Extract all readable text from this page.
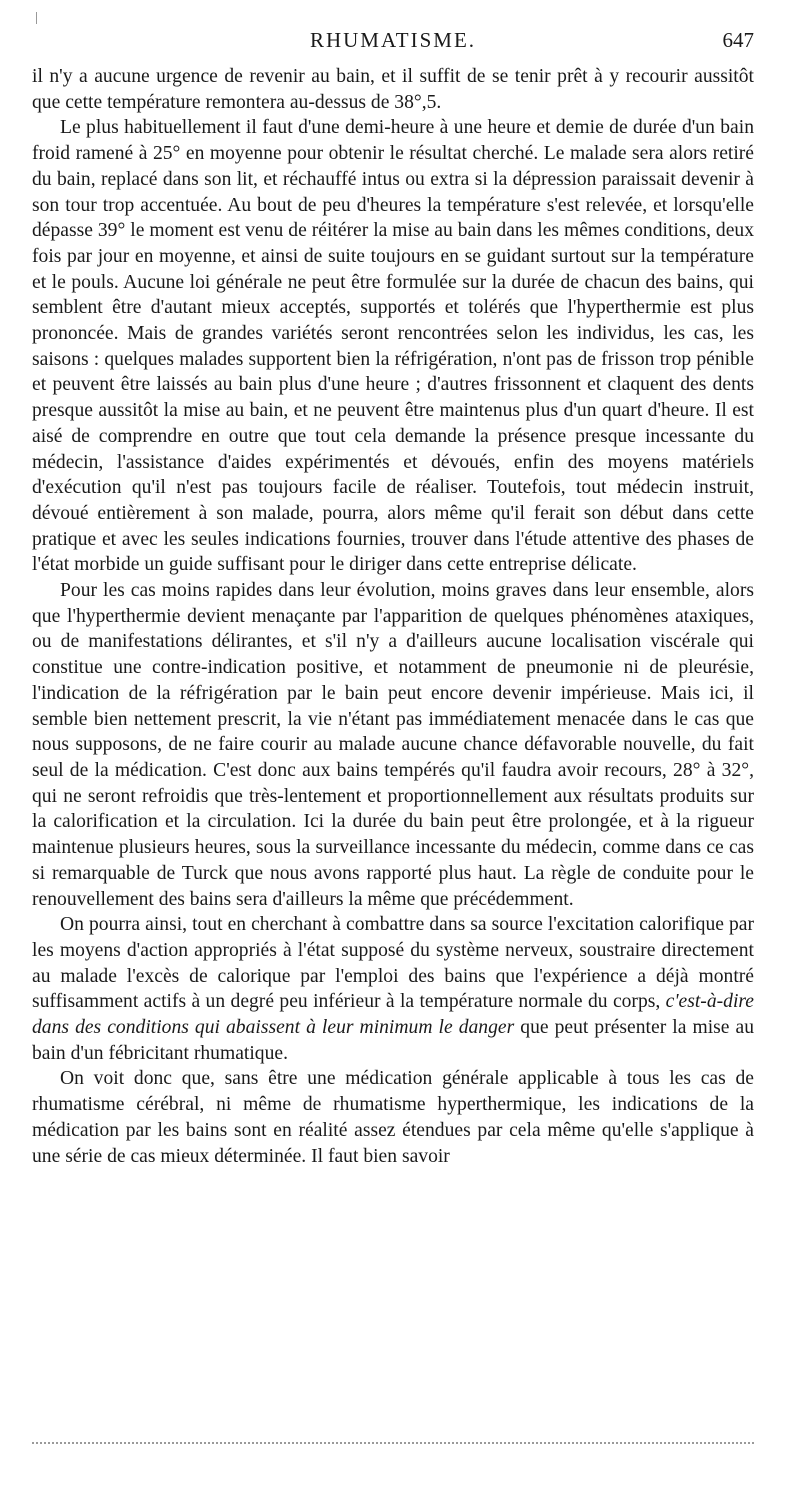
RHUMATISME.	647

il n'y a aucune urgence de revenir au bain, et il suffit de se tenir prêt à y recourir aussitôt que cette température remontera au-dessus de 38°,5.

Le plus habituellement il faut d'une demi-heure à une heure et demie de durée d'un bain froid ramené à 25° en moyenne pour obtenir le résultat cherché. Le malade sera alors retiré du bain, replacé dans son lit, et réchauffé intus ou extra si la dépression paraissait devenir à son tour trop accentuée. Au bout de peu d'heures la température s'est relevée, et lorsqu'elle dépasse 39° le moment est venu de réitérer la mise au bain dans les mêmes conditions, deux fois par jour en moyenne, et ainsi de suite toujours en se guidant surtout sur la température et le pouls. Aucune loi générale ne peut être formulée sur la durée de chacun des bains, qui semblent être d'autant mieux acceptés, supportés et tolérés que l'hyperthermie est plus prononcée. Mais de grandes variétés seront rencontrées selon les individus, les cas, les saisons : quelques malades supportent bien la réfrigération, n'ont pas de frisson trop pénible et peuvent être laissés au bain plus d'une heure ; d'autres frissonnent et claquent des dents presque aussitôt la mise au bain, et ne peuvent être maintenus plus d'un quart d'heure. Il est aisé de comprendre en outre que tout cela demande la présence presque incessante du médecin, l'assistance d'aides expérimentés et dévoués, enfin des moyens matériels d'exécution qu'il n'est pas toujours facile de réaliser. Toutefois, tout médecin instruit, dévoué entièrement à son malade, pourra, alors même qu'il ferait son début dans cette pratique et avec les seules indications fournies, trouver dans l'étude attentive des phases de l'état morbide un guide suffisant pour le diriger dans cette entreprise délicate.

Pour les cas moins rapides dans leur évolution, moins graves dans leur ensemble, alors que l'hyperthermie devient menaçante par l'apparition de quelques phénomènes ataxiques, ou de manifestations délirantes, et s'il n'y a d'ailleurs aucune localisation viscérale qui constitue une contre-indication positive, et notamment de pneumonie ni de pleurésie, l'indication de la réfrigération par le bain peut encore devenir impérieuse. Mais ici, il semble bien nettement prescrit, la vie n'étant pas immédiatement menacée dans le cas que nous supposons, de ne faire courir au malade aucune chance défavorable nouvelle, du fait seul de la médication. C'est donc aux bains tempérés qu'il faudra avoir recours, 28° à 32°, qui ne seront refroidis que très-lentement et proportionnellement aux résultats produits sur la calorification et la circulation. Ici la durée du bain peut être prolongée, et à la rigueur maintenue plusieurs heures, sous la surveillance incessante du médecin, comme dans ce cas si remarquable de Turck que nous avons rapporté plus haut. La règle de conduite pour le renouvellement des bains sera d'ailleurs la même que précédemment.

On pourra ainsi, tout en cherchant à combattre dans sa source l'excitation calorifique par les moyens d'action appropriés à l'état supposé du système nerveux, soustraire directement au malade l'excès de calorique par l'emploi des bains que l'expérience a déjà montré suffisamment actifs à un degré peu inférieur à la température normale du corps, c'est-à-dire dans des conditions qui abaissent à leur minimum le danger que peut présenter la mise au bain d'un fébricitant rhumatique.

On voit donc que, sans être une médication générale applicable à tous les cas de rhumatisme cérébral, ni même de rhumatisme hyperthermique, les indications de la médication par les bains sont en réalité assez étendues par cela même qu'elle s'applique à une série de cas mieux déterminée. Il faut bien savoir
